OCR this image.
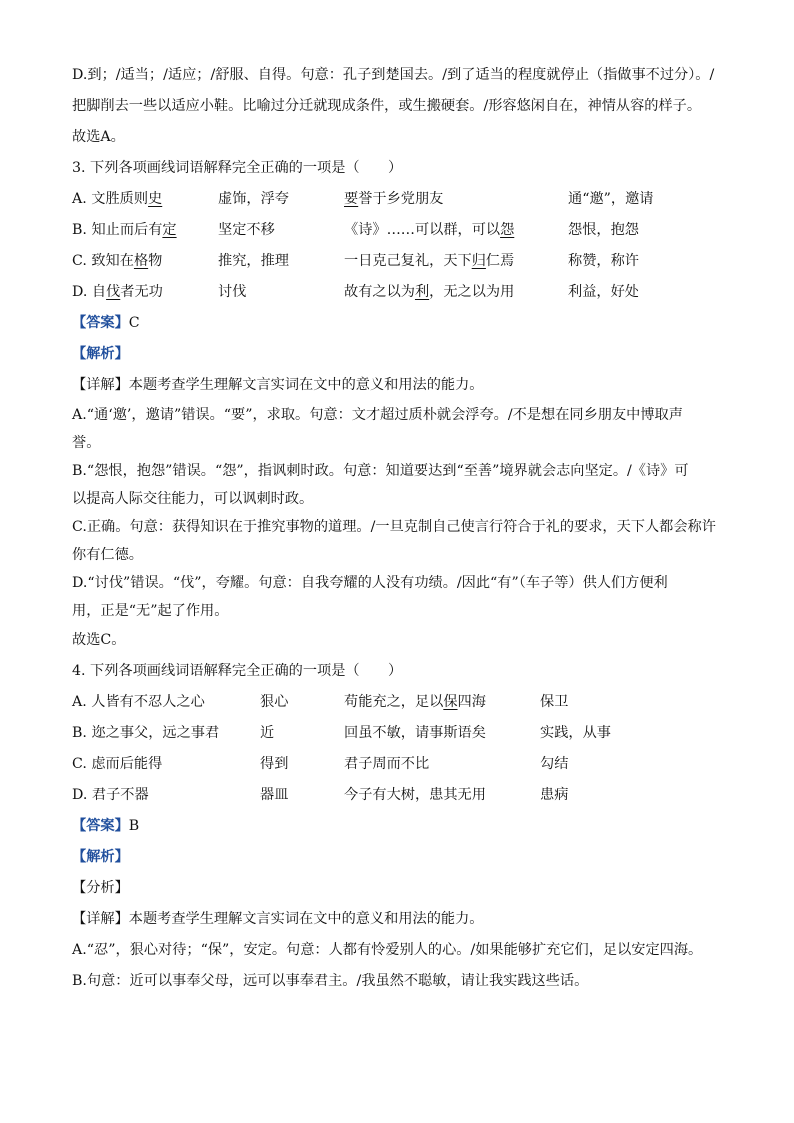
D.到；/适当；/适应；/舒服、自得。句意：孔子到楚国去。/到了适当的程度就停止（指做事不过分）。/
把脚削去一些以适应小鞋。比喻过分迁就现成条件，或生搬硬套。/形容悠闲自在，神情从容的样子。
故选A。
3. 下列各项画线词语解释完全正确的一项是（　　）
A. 文胜质则史	虚饰，浮夸	要誉于乡党朋友	通“邀”，邀请
B. 知止而后有定	坚定不移	《诗》……可以群，可以怨	怨恨，抱怨
C. 致知在格物	推究，推理	一日克己复礼，天下归仁焉	称赞，称许
D. 自伐者无功	讨伐	故有之以为利，无之以为用	利益，好处
【答案】C
【解析】
【详解】本题考查学生理解文言实词在文中的意义和用法的能力。
A.“通‘邀’，邀请”错误。“要”，求取。句意：文才超过质朴就会浮夸。/不是想在同乡朋友中博取声
誉。
B.“怨恨，抱怨”错误。“怨”，指讽刺时政。句意：知道要达到“至善”境界就会志向坚定。/《诗》可
以提高人际交往能力，可以讽刺时政。
C.正确。句意：获得知识在于推究事物的道理。/一旦克制自己使言行符合于礼的要求，天下人都会称许
你有仁德。
D.“讨伐”错误。“伐”，夸耀。句意：自我夸耀的人没有功绩。/因此“有”（车子等）供人们方便利
用，正是“无”起了作用。
故选C。
4. 下列各项画线词语解释完全正确的一项是（　　）
A. 人皆有不忍人之心	狠心	苟能充之，足以保四海	保卫
B. 迩之事父，远之事君	近	回虽不敏，请事斯语矣	实践，从事
C. 虑而后能得	得到	君子周而不比	勾结
D. 君子不器	器皿	今子有大树，患其无用	患病
【答案】B
【解析】
【分析】
【详解】本题考查学生理解文言实词在文中的意义和用法的能力。
A.“忍”，狠心对待；“保”，安定。句意：人都有怜爱别人的心。/如果能够扩充它们，足以安定四海。
B.句意：近可以事奉父母，远可以事奉君主。/我虽然不聪敏，请让我实践这些话。
